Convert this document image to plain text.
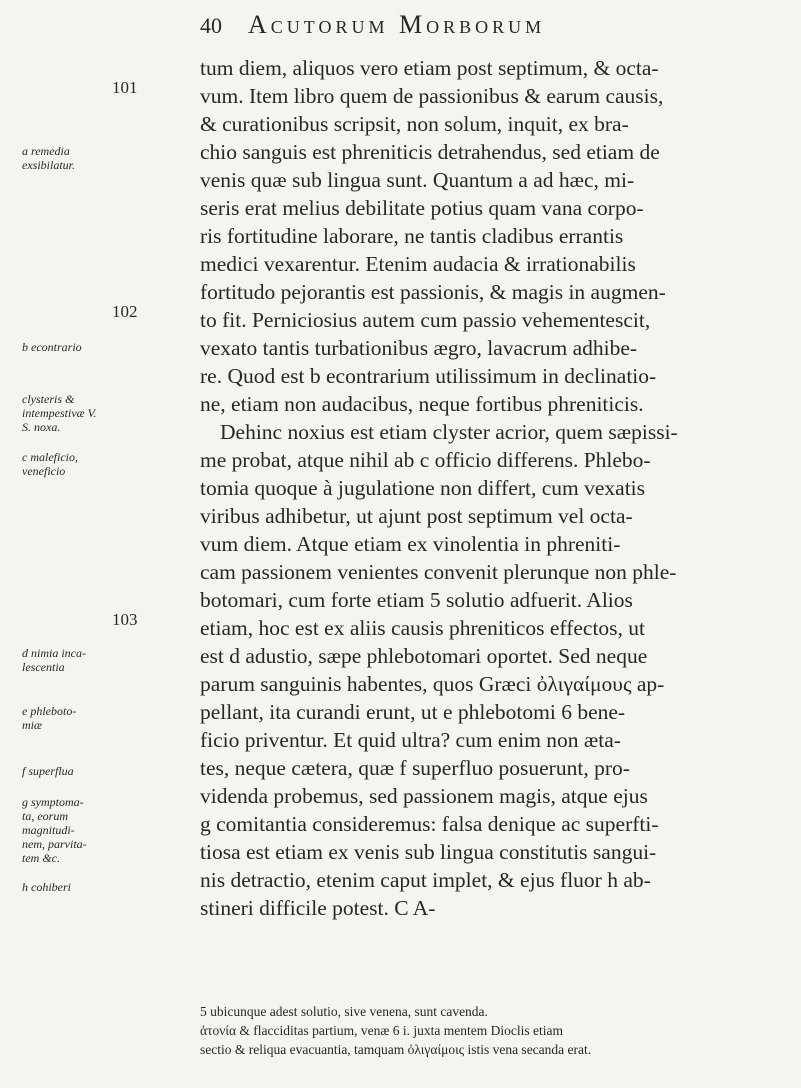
40 Acutorum Morborum
101
102
103
a remedia exsibilatur.
b econtrario
clysteris & intempestivæ V. S. noxa.
c maleficio, veneficio
d nimia inca- lescentia
e phleboto- miæ
f superflua
g symptoma- ta, eorum magnitudi- nem, parvita- tem &c.
h cohiberi
tum diem, aliquos vero etiam post septimum, & octa-
vum. Item libro quem de passionibus & earum causis,
& curationibus scripsit, non solum, inquit, ex bra-
chio sanguis est phreniticis detrahendus, sed etiam de
venis quæ sub lingua sunt. Quantum a ad hæc, mi-
seris erat melius debilitate potius quam vana corpo-
ris fortitudine laborare, ne tantis cladibus errantis
medici vexarentur. Etenim audacia & irrationabilis
fortitudo pejorantis est passionis, & magis in augmen-
to fit. Perniciosius autem cum passio vehementescit,
vexato tantis turbationibus ægro, lavacrum adhibe-
re. Quod est b econtrarium utilissimum in declinatio-
ne, etiam non audacibus, neque fortibus phreniticis.
Dehinc noxius est etiam clyster acrior, quem sæpissi-
me probat, atque nihil ab c officio differens. Phlebo-
tomia quoque à jugulatione non differt, cum vexatis
viribus adhibetur, ut ajunt post septimum vel octa-
vum diem. Atque etiam ex vinolentia in phreniti-
cam passionem venientes convenit plerunque non phle-
botomari, cum forte etiam 5 solutio adfuerit. Alios
etiam, hoc est ex aliis causis phreniticos effectos, ut
est d adustio, sæpe phlebotomari oportet. Sed neque
parum sanguinis habentes, quos Græci ὀλιγαίμους ap-
pellant, ita curandi erunt, ut e phlebotomi 6 bene-
ficio priventur. Et quid ultra? cum enim non æta-
tes, neque cætera, quæ f superfluo posuerunt, pro-
videnda probemus, sed passionem magis, atque ejus
g comitantia consideremus: falsa denique ac superfti-
tiosa est etiam ex venis sub lingua constitutis sangui-
nis detractio, etenim caput implet, & ejus fluor h ab-
stineri difficile potest. C A-
5 ubicunque adest solutio, sive venena, sunt cavenda.
ἀτονία & flacciditas partium, venæ 6 i. juxta mentem Dioclis etiam
sectio & reliqua evacuantia, tamquam ὀλιγαίμοις istis vena secanda erat.
